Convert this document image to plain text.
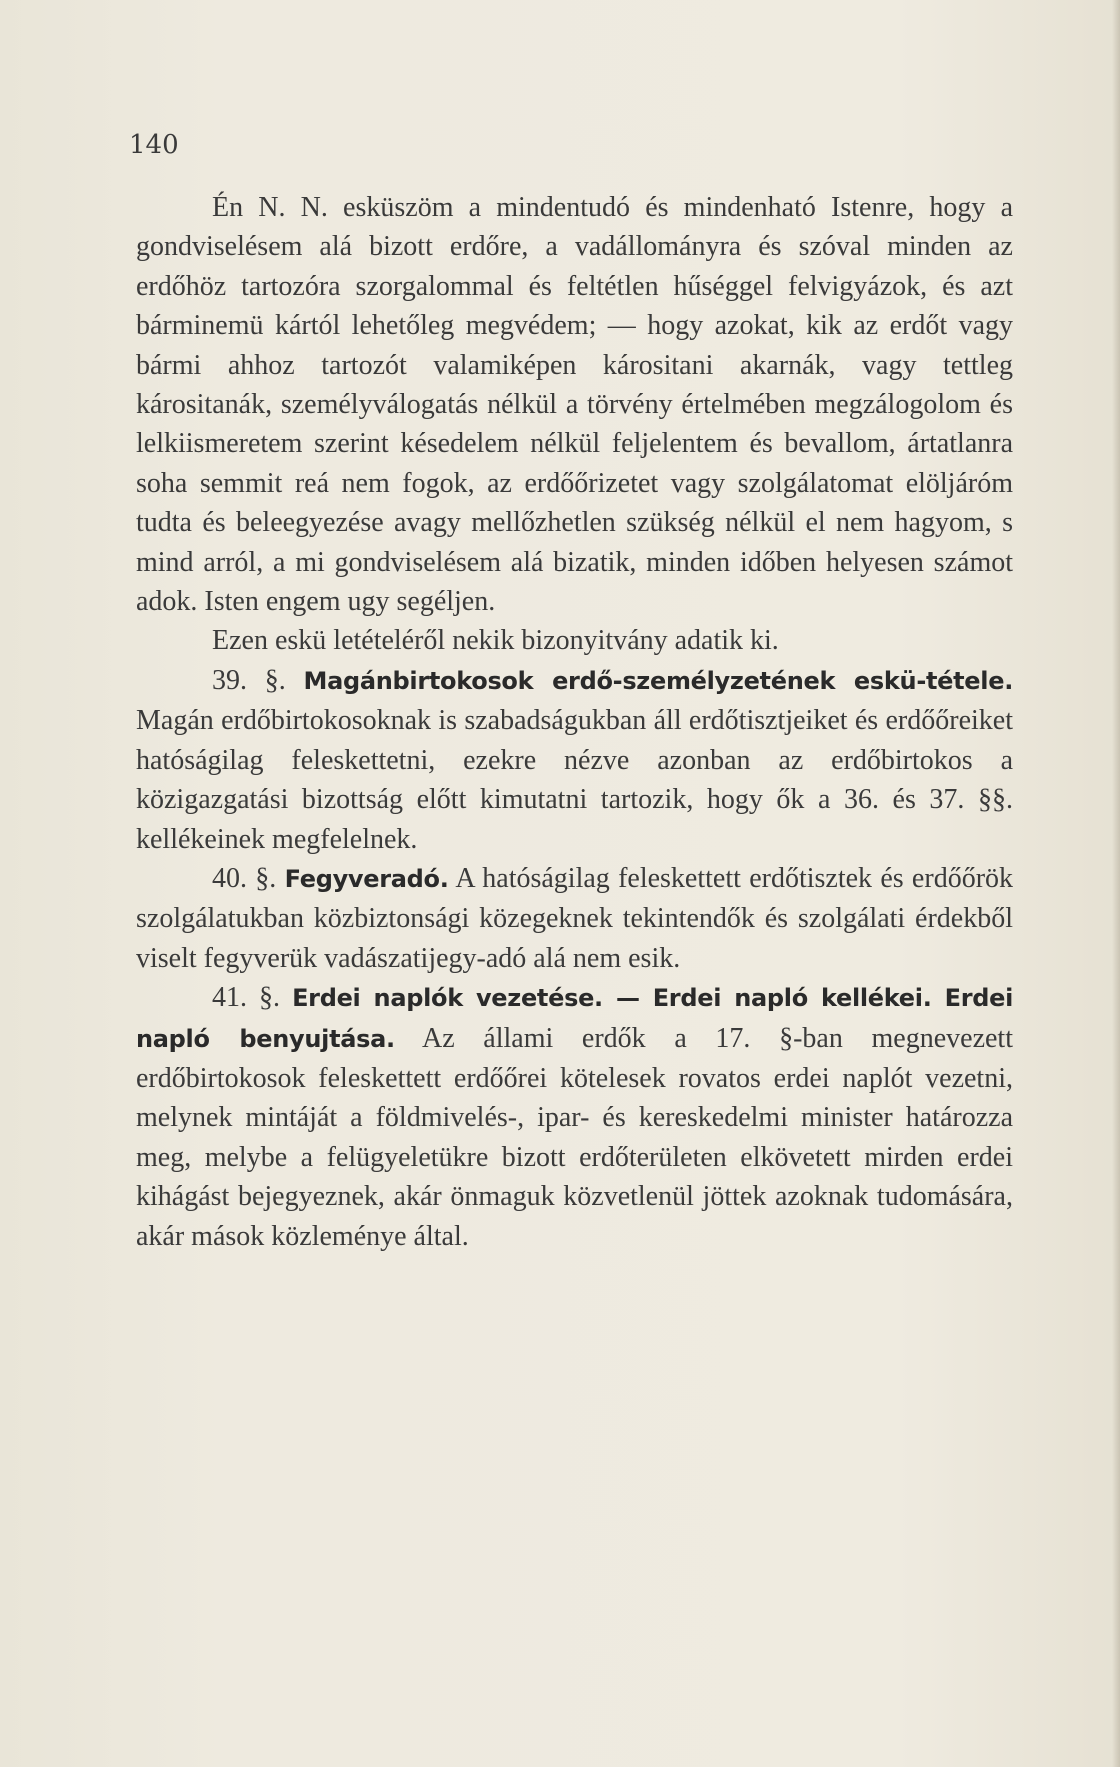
140

Én N. N. esküszöm a mindentudó és mindenható Istenre, hogy a gondviselésem alá bizott erdőre, a vadállományra és szóval minden az erdőhöz tartozóra szorgalommal és feltétlen hűséggel felvigyázok, és azt bárminemü kártól lehetőleg megvédem; — hogy azokat, kik az erdőt vagy bármi ahhoz tartozót valamiképen kárositani akarnák, vagy tettleg kárositanák, személyválogatás nélkül a törvény értelmében megzálogolom és lelkiismeretem szerint késedelem nélkül feljelentem és bevallom, ártatlanra soha semmit reá nem fogok, az erdőőrizetet vagy szolgálatomat elöljáróm tudta és beleegyezése avagy mellőzhetlen szükség nélkül el nem hagyom, s mind arról, a mi gondviselésem alá bizatik, minden időben helyesen számot adok. Isten engem ugy segéljen.

Ezen eskü letételéről nekik bizonyitvány adatik ki.

39. §. Magánbirtokosok erdő-személyzetének eskü-tétele. Magán erdőbirtokosoknak is szabadságukban áll erdőtisztjeiket és erdőőreiket hatóságilag feleskettetni, ezekre nézve azonban az erdőbirtokos a közigazgatási bizottság előtt kimutatni tartozik, hogy ők a 36. és 37. §§. kellékeinek megfelelnek.

40. §. Fegyveradó. A hatóságilag feleskettett erdőtisztek és erdőőrök szolgálatukban közbiztonsági közegeknek tekintendők és szolgálati érdekből viselt fegyverük vadászatijegy-adó alá nem esik.

41. §. Erdei naplók vezetése. — Erdei napló kellékei. Erdei napló benyujtása. Az állami erdők a 17. §-ban megnevezett erdőbirtokosok feleskettett erdőőrei kötelesek rovatos erdei naplót vezetni, melynek mintáját a földmivelés-, ipar- és kereskedelmi minister határozza meg, melybe a felügyeletükre bizott erdőterületen elkövetett mirden erdei kihágást bejegyeznek, akár önmaguk közvetlenül jöttek azoknak tudomására, akár mások közleménye által.
